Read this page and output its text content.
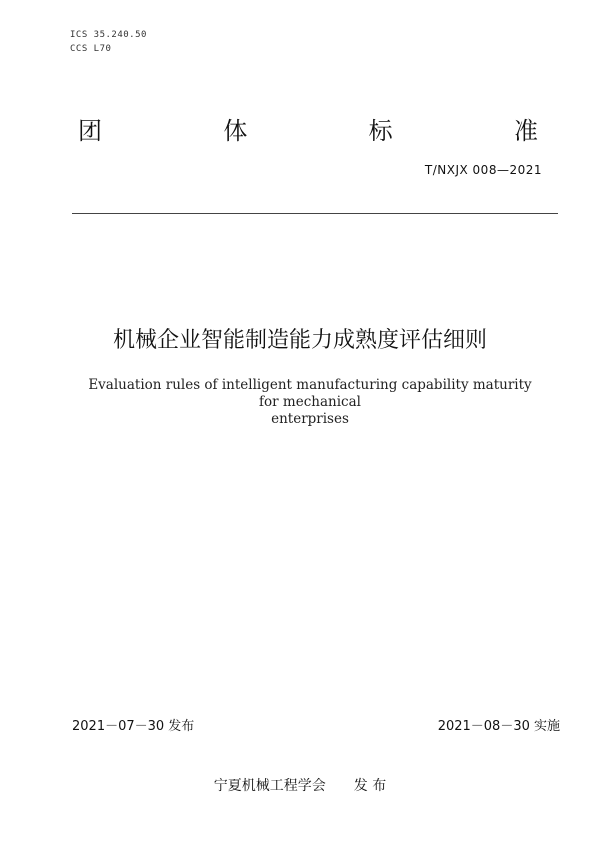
ICS 35.240.50
CCS L70
团	体	标	准
T/NXJX 008—2021
机械企业智能制造能力成熟度评估细则
Evaluation rules of intelligent manufacturing capability maturity for mechanical
enterprises
2021－07－30 发布	2021－08－30 实施
宁夏机械工程学会 发 布
